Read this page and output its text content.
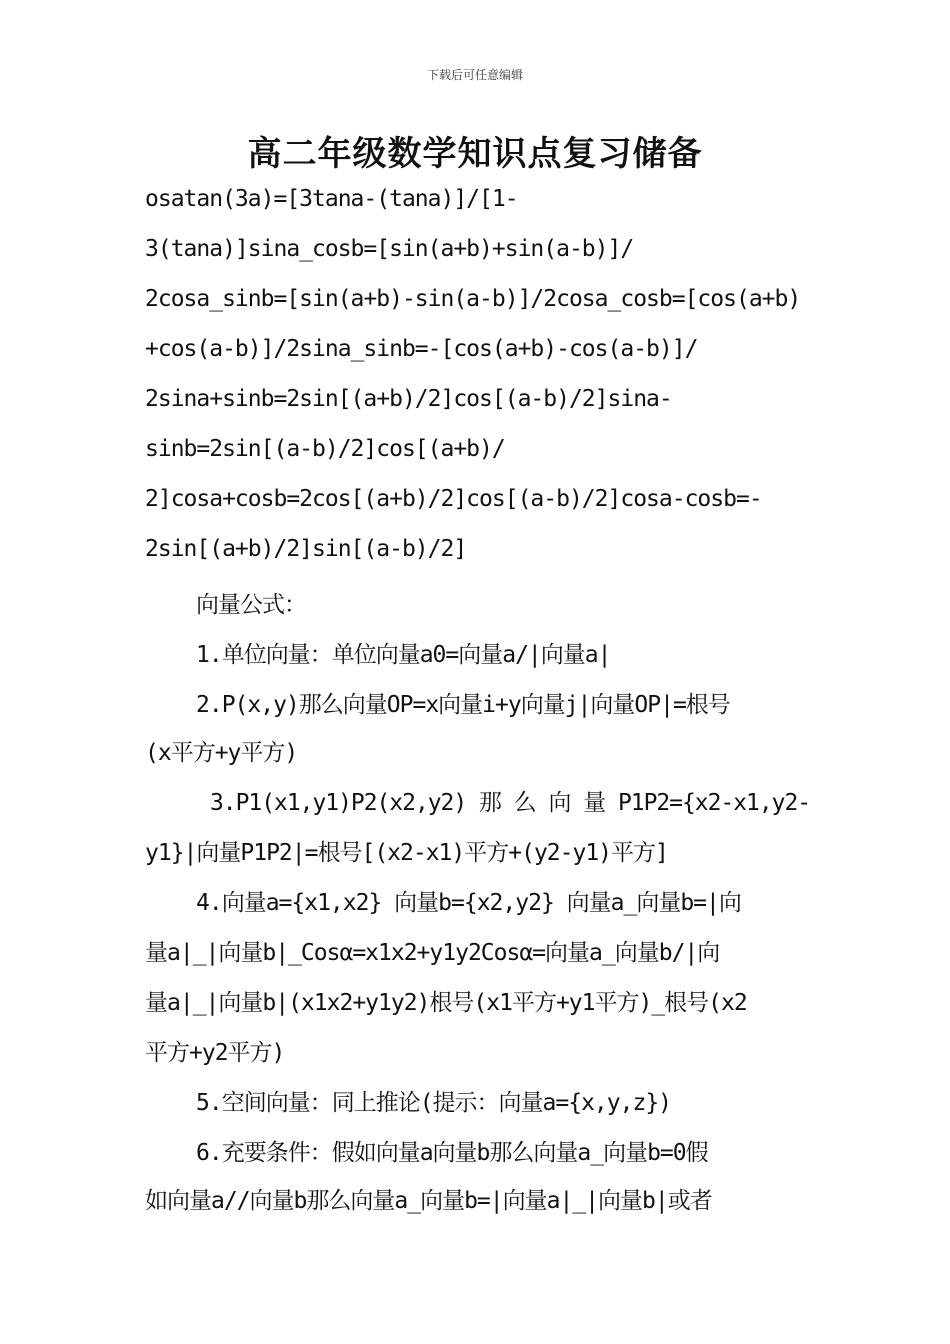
下载后可任意编辑
高二年级数学知识点复习储备
osatan(3a)=[3tana-(tana)]/[1-
3(tana)]sina_cosb=[sin(a+b)+sin(a-b)]/
2cosa_sinb=[sin(a+b)-sin(a-b)]/2cosa_cosb=[cos(a+b)
+cos(a-b)]/2sina_sinb=-[cos(a+b)-cos(a-b)]/
2sina+sinb=2sin[(a+b)/2]cos[(a-b)/2]sina-
sinb=2sin[(a-b)/2]cos[(a+b)/
2]cosa+cosb=2cos[(a+b)/2]cos[(a-b)/2]cosa-cosb=-
2sin[(a+b)/2]sin[(a-b)/2]
向量公式：
1.单位向量：单位向量a0=向量a/|向量a|
2.P(x,y)那么向量OP=x向量i+y向量j|向量OP|=根号
(x平方+y平方)
3.P1(x1,y1)P2(x2,y2) 那 么 向 量 P1P2={x2-x1,y2-
y1}|向量P1P2|=根号[(x2-x1)平方+(y2-y1)平方]
4.向量a={x1,x2} 向量b={x2,y2} 向量a_向量b=|向
量a|_|向量b|_Cosα=x1x2+y1y2Cosα=向量a_向量b/|向
量a|_|向量b|(x1x2+y1y2)根号(x1平方+y1平方)_根号(x2
平方+y2平方)
5.空间向量：同上推论(提示：向量a={x,y,z})
6.充要条件：假如向量a向量b那么向量a_向量b=0假
如向量a//向量b那么向量a_向量b=|向量a|_|向量b|或者
